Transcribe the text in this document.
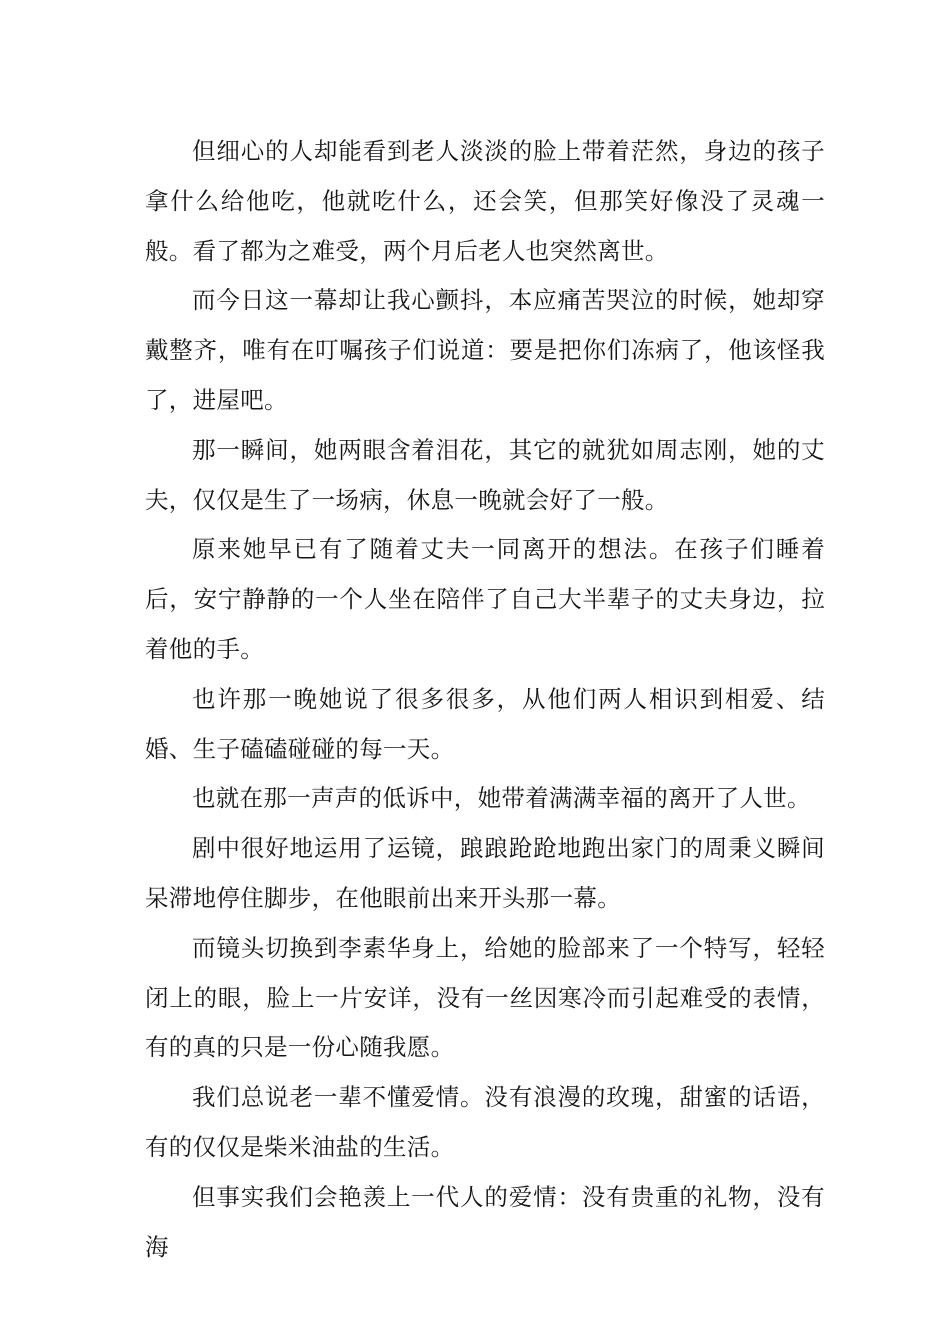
但细心的人却能看到老人淡淡的脸上带着茫然，身边的孩子拿什么给他吃，他就吃什么，还会笑，但那笑好像没了灵魂一般。看了都为之难受，两个月后老人也突然离世。

而今日这一幕却让我心颤抖，本应痛苦哭泣的时候，她却穿戴整齐，唯有在叮嘱孩子们说道：要是把你们冻病了，他该怪我了，进屋吧。

那一瞬间，她两眼含着泪花，其它的就犹如周志刚，她的丈夫，仅仅是生了一场病，休息一晚就会好了一般。

原来她早已有了随着丈夫一同离开的想法。在孩子们睡着后，安宁静静的一个人坐在陪伴了自己大半辈子的丈夫身边，拉着他的手。

也许那一晚她说了很多很多，从他们两人相识到相爱、结婚、生子磕磕碰碰的每一天。

也就在那一声声的低诉中，她带着满满幸福的离开了人世。

剧中很好地运用了运镜，踉踉跄跄地跑出家门的周秉义瞬间呆滞地停住脚步，在他眼前出来开头那一幕。

而镜头切换到李素华身上，给她的脸部来了一个特写，轻轻闭上的眼，脸上一片安详，没有一丝因寒冷而引起难受的表情，有的真的只是一份心随我愿。

我们总说老一辈不懂爱情。没有浪漫的玫瑰，甜蜜的话语，有的仅仅是柴米油盐的生活。

但事实我们会艳羡上一代人的爱情：没有贵重的礼物，没有海
